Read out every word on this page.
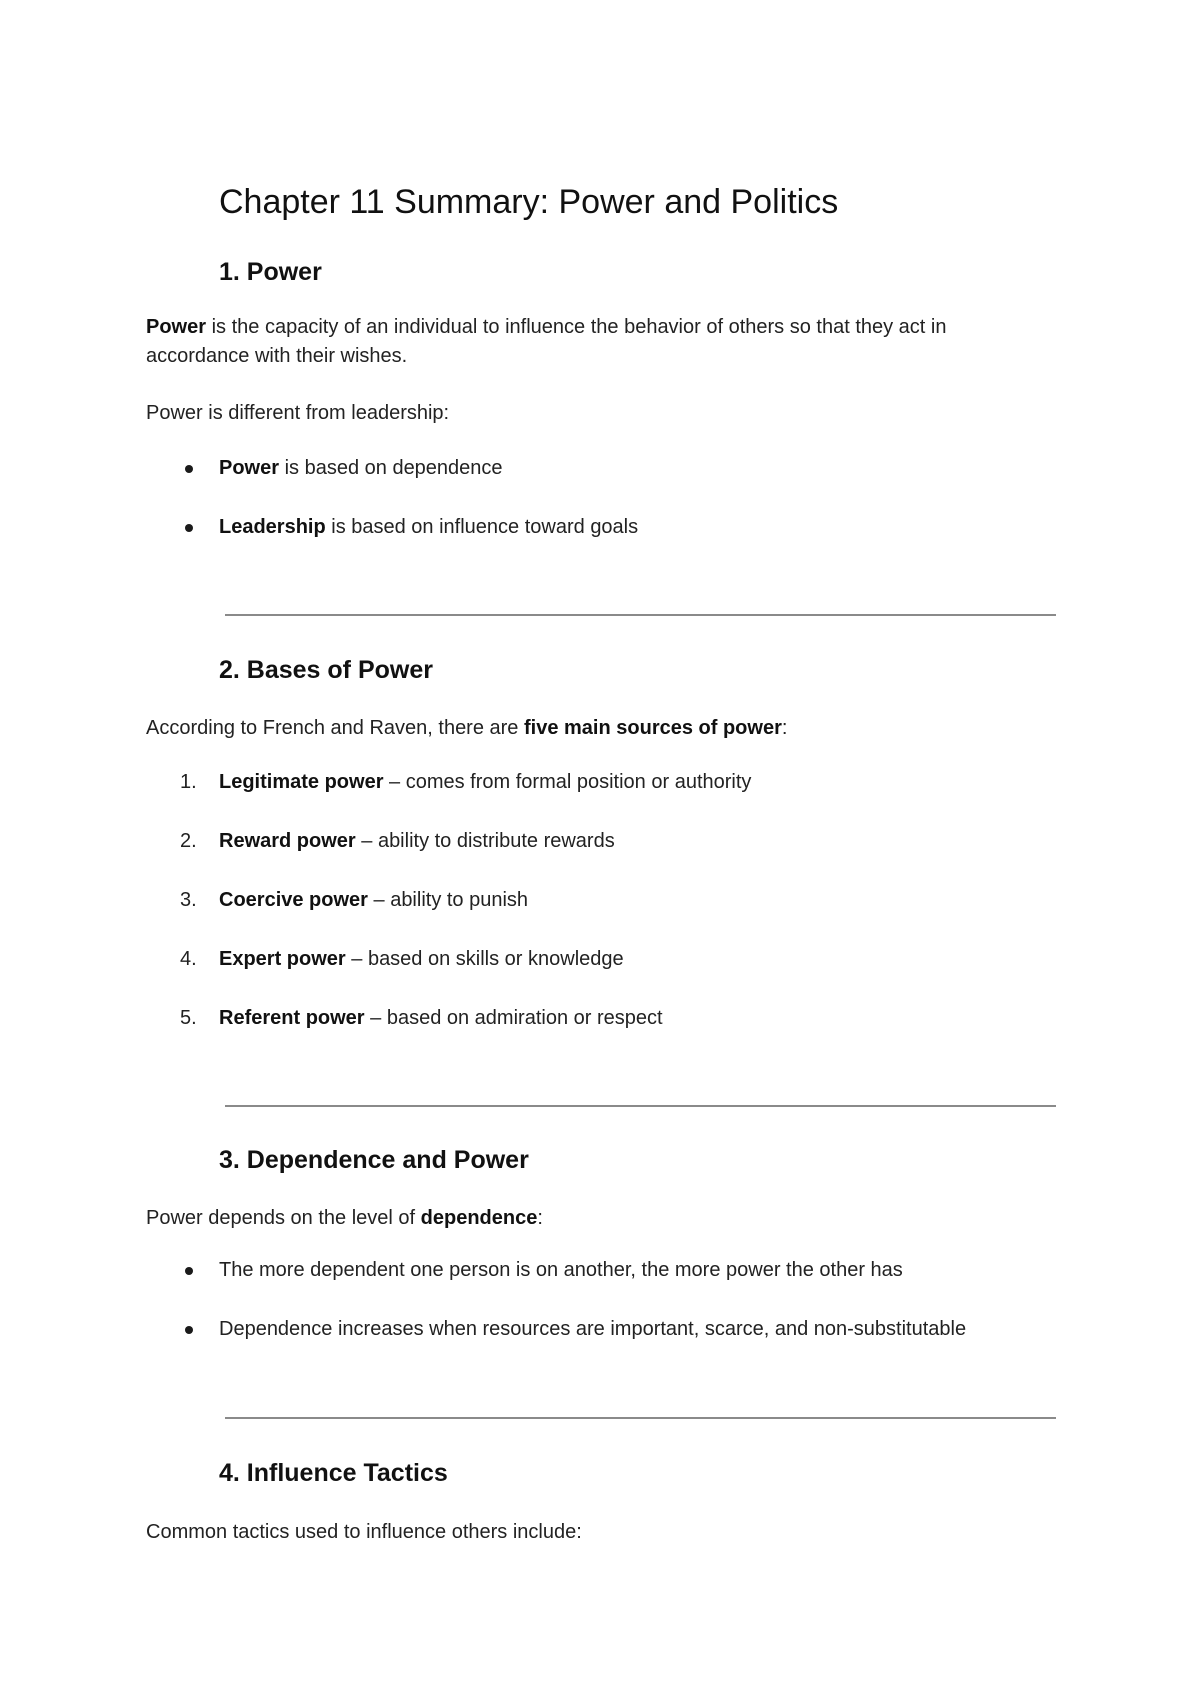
Chapter 11 Summary: Power and Politics
1. Power

Power is the capacity of an individual to influence the behavior of others so that they act in accordance with their wishes.

Power is different from leadership:

Power is based on dependence
Leadership is based on influence toward goals
2. Bases of Power

According to French and Raven, there are five main sources of power:

1.	Legitimate power – comes from formal position or authority
2.	Reward power – ability to distribute rewards
3.	Coercive power – ability to punish
4.	Expert power – based on skills or knowledge
5.	Referent power – based on admiration or respect
3. Dependence and Power

Power depends on the level of dependence:

The more dependent one person is on another, the more power the other has
Dependence increases when resources are important, scarce, and non-substitutable
4. Influence Tactics

Common tactics used to influence others include:
